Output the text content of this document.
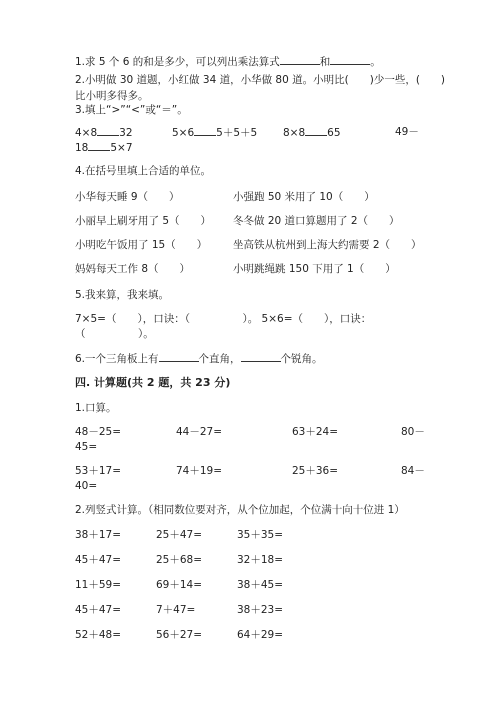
1.求 5 个 6 的和是多少，可以列出乘法算式	和	。
2.小明做 30 道题，小红做 34 道，小华做 80 道。小明比(　　)少一些，(　　)
比小明多得多。
3.填上“>”“<”或“＝”。
4×8 32	5×6 5＋5＋5 8×8 65	49－
18 5×7
4.在括号里填上合适的单位。
小华每天睡 9（　　）	小强跑 50 米用了 10（　　）
小丽早上刷牙用了 5（　　） 冬冬做 20 道口算题用了 2（　　）
小明吃午饭用了 15（　　） 坐高铁从杭州到上海大约需要 2（　　）
妈妈每天工作 8（　　）	小明跳绳跳 150 下用了 1（　　）
5.我来算，我来填。
7×5=（　　），口诀：（　　　　　）。 5×6=（　　），口诀：
（　　　　　）。
6.一个三角板上有	个直角，	个锐角。
四. 计算题(共 2 题，共 23 分)
1.口算。
48－25=	44－27=	63＋24=	80－
45=
53＋17=	74＋19=	25＋36=	84－
40=
2.列竖式计算。（相同数位要对齐，从个位加起，个位满十向十位进 1）
38＋17=	25＋47=	35＋35=
45＋47=	25＋68=	32＋18=
11＋59=	69＋14=	38＋45=
45＋47=	7＋47=	38＋23=
52＋48=	56＋27=	64＋29=
